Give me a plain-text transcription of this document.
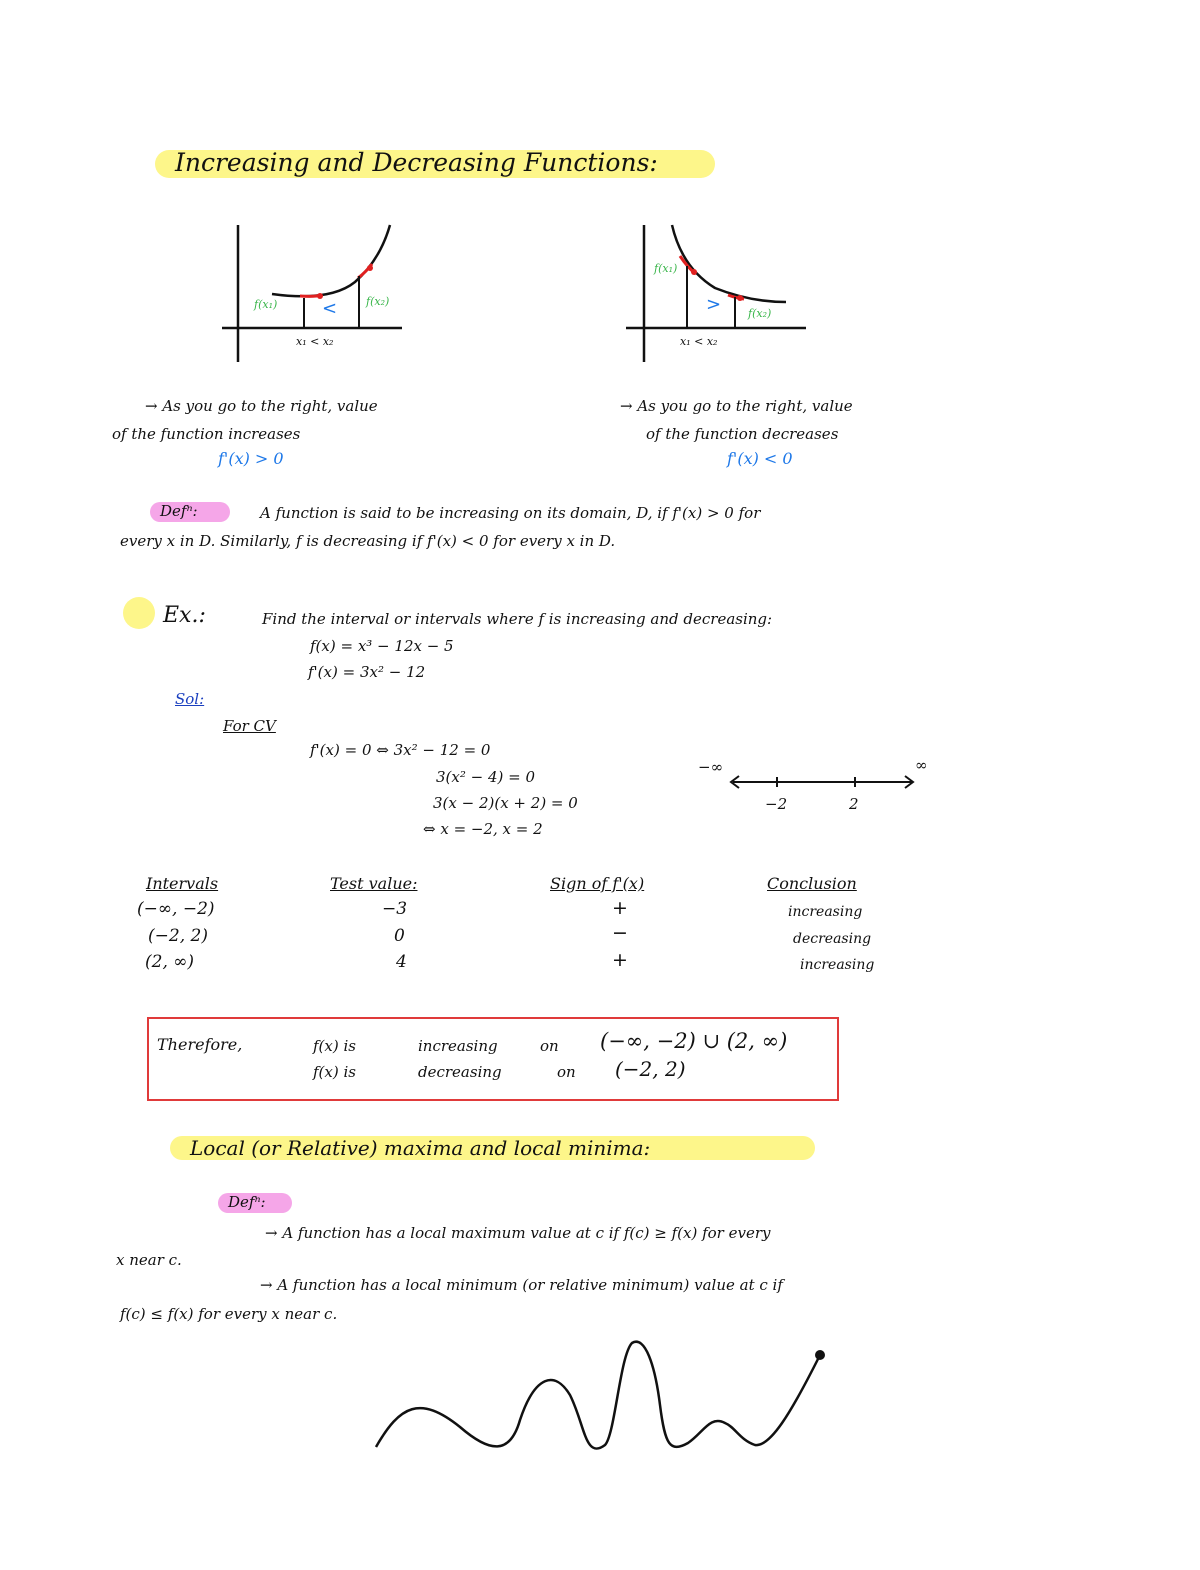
Increasing and Decreasing Functions:
f(x₁)	f(x₂)
<
x₁ < x₂
f(x₁)
f(x₂)
>
x₁ < x₂
→ As you go to the right, value
of the function increases
f'(x) > 0
→ As you go to the right, value
of the function decreases
f'(x) < 0
Defⁿ:	A function is said to be increasing on its domain, D, if f'(x) > 0 for
every x in D. Similarly, f is decreasing if f'(x) < 0 for every x in D.
Ex.:	Find the interval or intervals where f is increasing and decreasing:
f(x) = x³ − 12x − 5
f'(x) = 3x² − 12
Sol:
For CV
f'(x) = 0 ⇔ 3x² − 12 = 0
3(x² − 4) = 0
3(x − 2)(x + 2) = 0
⇔ x = −2, x = 2
−∞	∞
−2	2
Intervals	Test value:	Sign of f'(x)	Conclusion
(−∞, −2)	−3	+	increasing
(−2, 2)	0	−	decreasing
(2, ∞)	4	+	increasing
Therefore,	f(x) is	increasing	on (−∞, −2) ∪ (2, ∞)
f(x) is	decreasing	on (−2, 2)
Local (or Relative) maxima and local minima:
Defⁿ:
→ A function has a local maximum value at c if f(c) ≥ f(x) for every
x near c.
→ A function has a local minimum (or relative minimum) value at c if
f(c) ≤ f(x) for every x near c.
